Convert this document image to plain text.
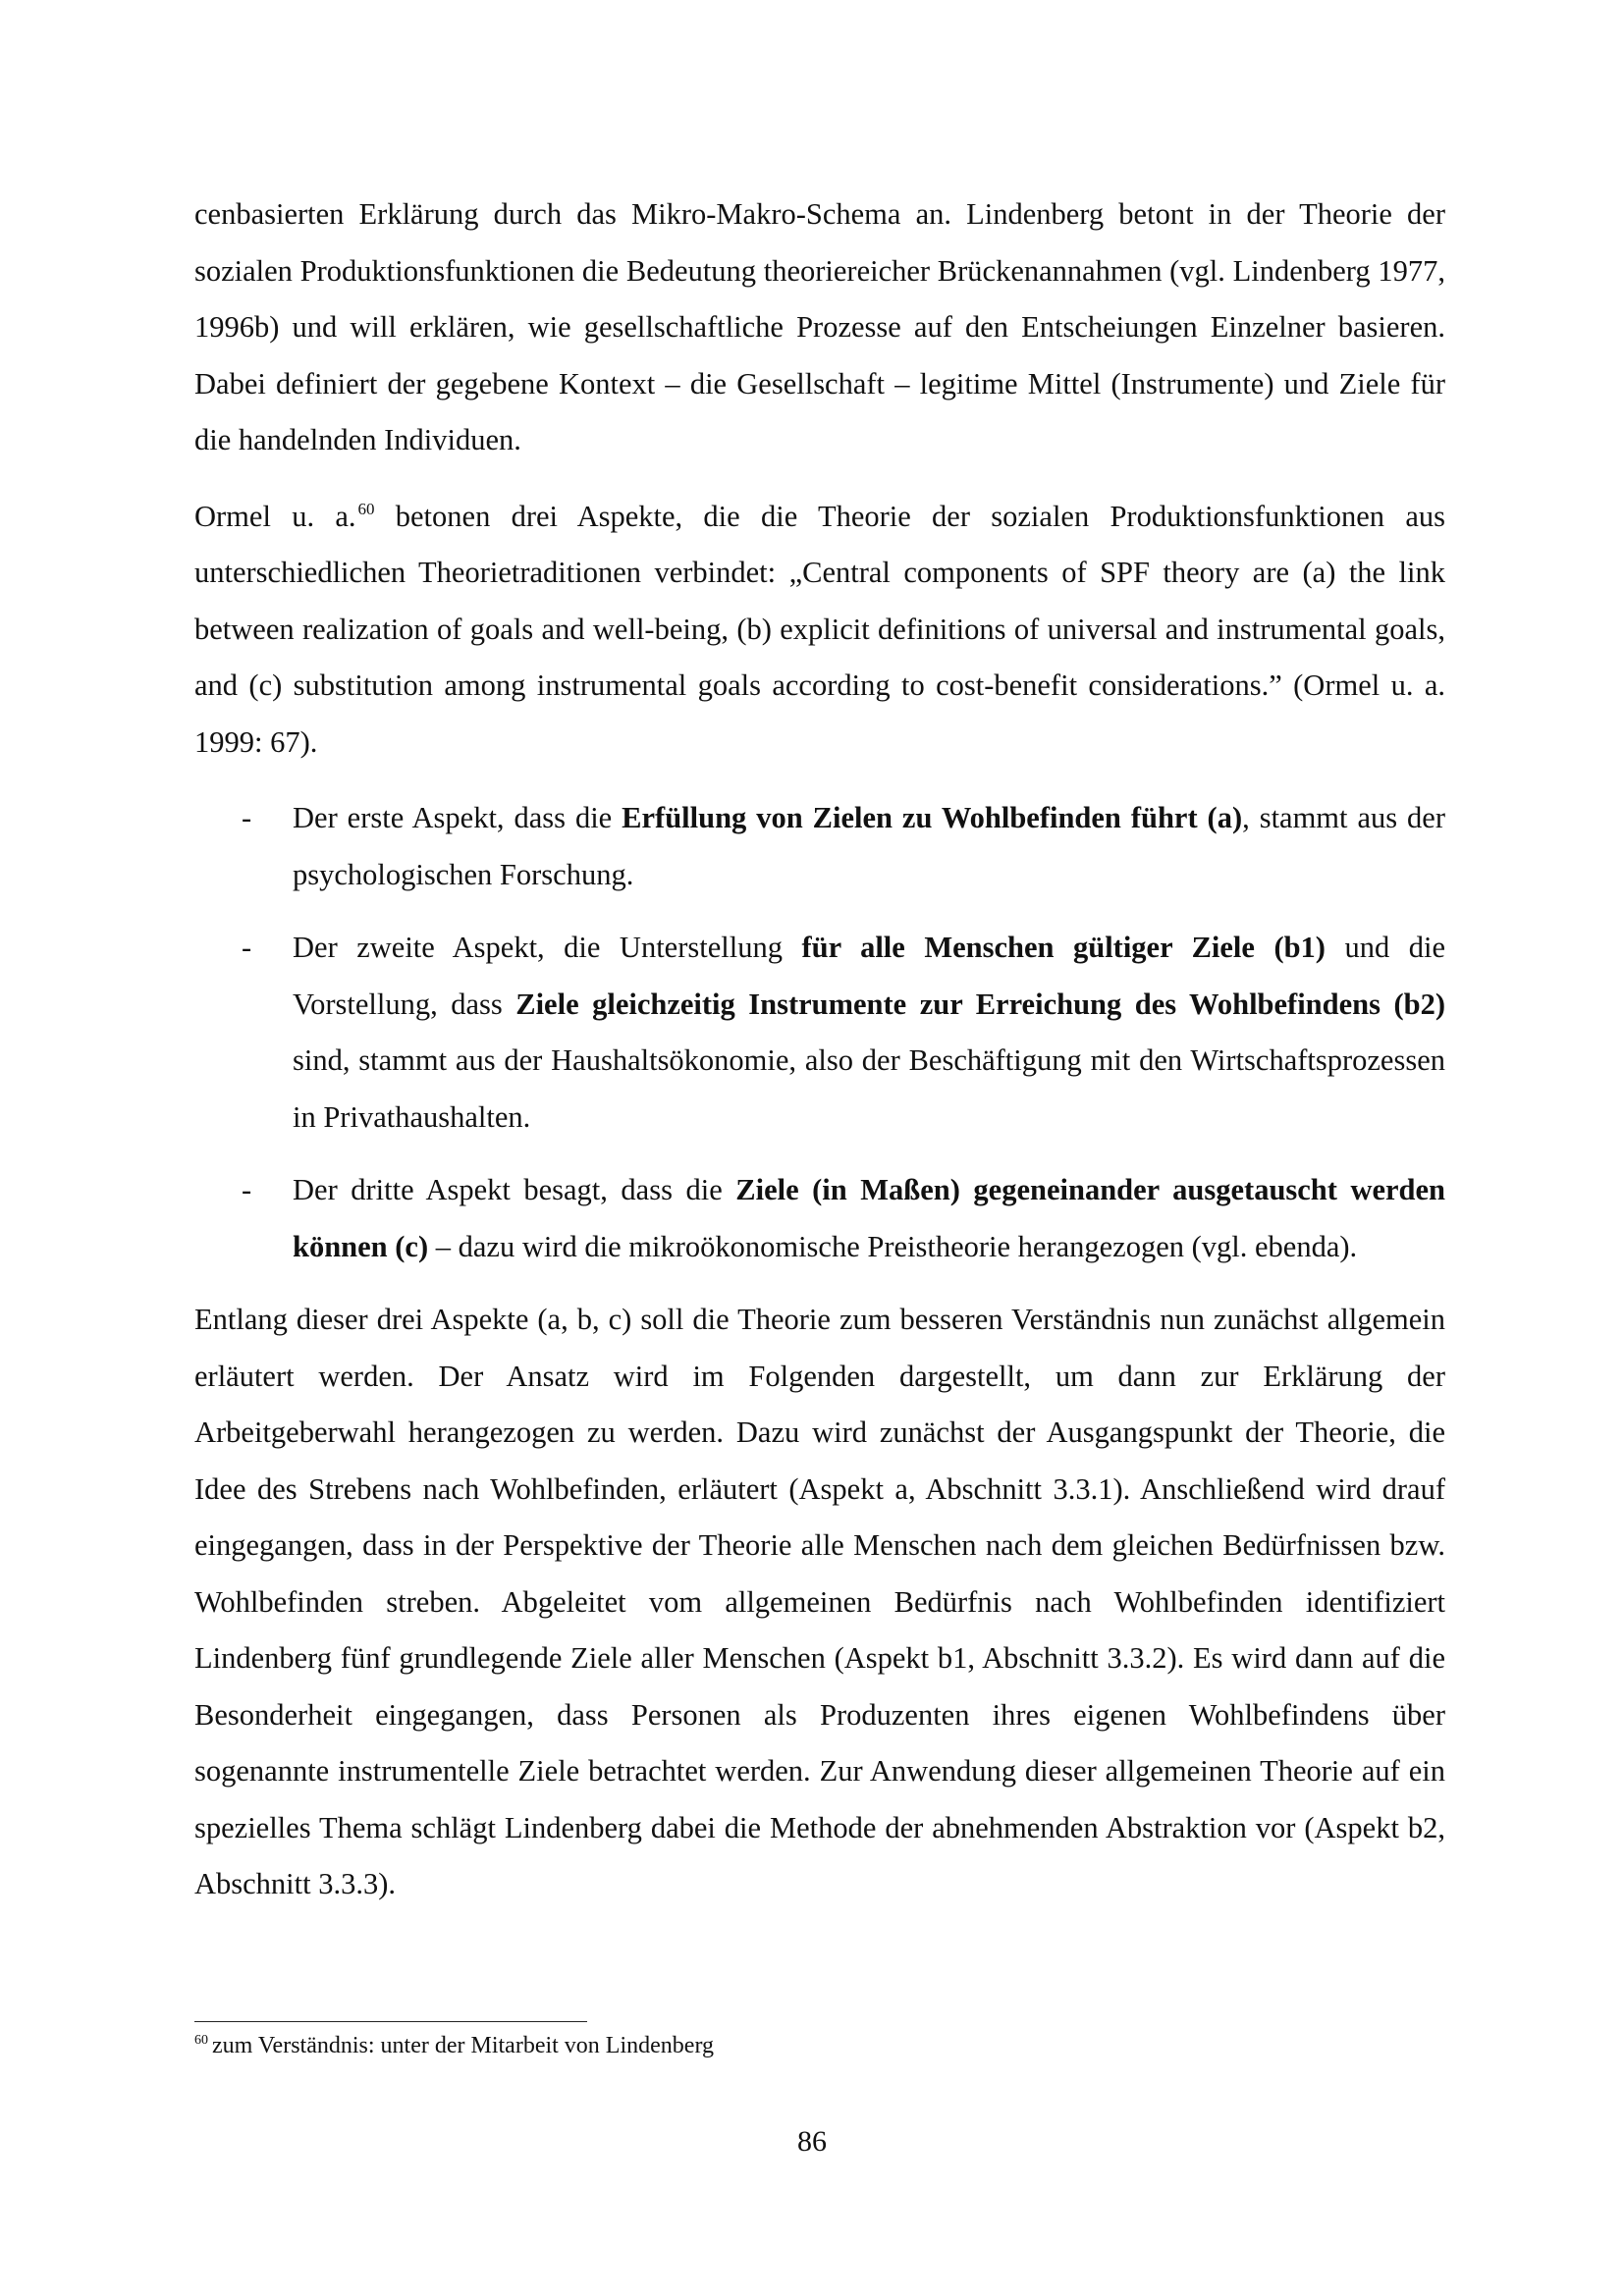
cenbasierten Erklärung durch das Mikro-Makro-Schema an. Lindenberg betont in der Theorie der sozialen Produktionsfunktionen die Bedeutung theoriereicher Brückenannahmen (vgl. Lindenberg 1977, 1996b) und will erklären, wie gesellschaftliche Prozesse auf den Entscheiungen Einzelner basieren. Dabei definiert der gegebene Kontext – die Gesellschaft – legitime Mittel (Instrumente) und Ziele für die handelnden Individuen.

Ormel u. a. $^{60}$ betonen drei Aspekte, die die Theorie der sozialen Produktionsfunktionen aus unterschiedlichen Theorietraditionen verbindet: „Central components of SPF theory are (a) the link between realization of goals and well-being, (b) explicit definitions of universal and instrumental goals, and (c) substitution among instrumental goals according to cost-benefit considerations.” (Ormel u. a. 1999: 67).

- Der erste Aspekt, dass die Erfüllung von Zielen zu Wohlbefinden führt (a), stammt aus der psychologischen Forschung.
- Der zweite Aspekt, die Unterstellung für alle Menschen gültiger Ziele (b1) und die Vorstellung, dass Ziele gleichzeitig Instrumente zur Erreichung des Wohlbefindens (b2) sind, stammt aus der Haushaltsökonomie, also der Beschäftigung mit den Wirtschaftsprozessen in Privathaushalten.
- Der dritte Aspekt besagt, dass die Ziele (in Maßen) gegeneinander ausgetauscht werden können (c) – dazu wird die mikroökonomische Preistheorie herangezogen (vgl. ebenda).

Entlang dieser drei Aspekte (a, b, c) soll die Theorie zum besseren Verständnis nun zunächst allgemein erläutert werden. Der Ansatz wird im Folgenden dargestellt, um dann zur Erklärung der Arbeitgeberwahl herangezogen zu werden. Dazu wird zunächst der Ausgangspunkt der Theorie, die Idee des Strebens nach Wohlbefinden, erläutert (Aspekt a, Abschnitt 3.3.1). Anschließend wird drauf eingegangen, dass in der Perspektive der Theorie alle Menschen nach dem gleichen Bedürfnissen bzw. Wohlbefinden streben. Abgeleitet vom allgemeinen Bedürfnis nach Wohlbefinden identifiziert Lindenberg fünf grundlegende Ziele aller Menschen (Aspekt b1, Abschnitt 3.3.2). Es wird dann auf die Besonderheit eingegangen, dass Personen als Produzenten ihres eigenen Wohlbefindens über sogenannte instrumentelle Ziele betrachtet werden. Zur Anwendung dieser allgemeinen Theorie auf ein spezielles Thema schlägt Lindenberg dabei die Methode der abnehmenden Abstraktion vor (Aspekt b2, Abschnitt 3.3.3).

$^{60}$ zum Verständnis: unter der Mitarbeit von Lindenberg
86
